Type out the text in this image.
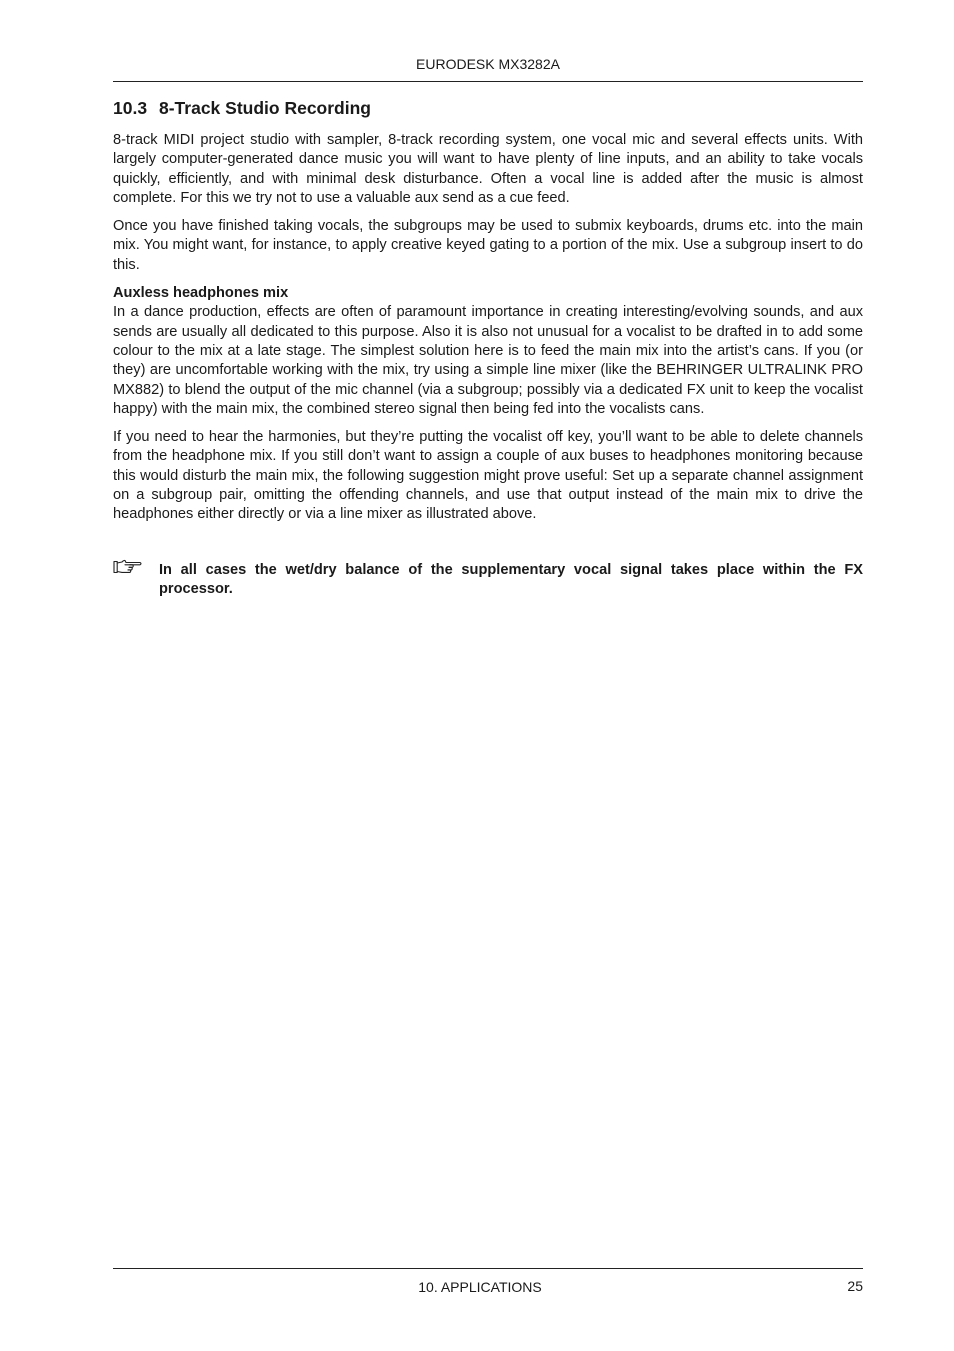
EURODESK MX3282A
10.3 8-Track Studio Recording

8-track MIDI project studio with sampler, 8-track recording system, one vocal mic and several effects units. With largely computer-generated dance music you will want to have plenty of line inputs, and an ability to take vocals quickly, efficiently, and with minimal desk disturbance. Often a vocal line is added after the music is almost complete. For this we try not to use a valuable aux send as a cue feed.

Once you have finished taking vocals, the subgroups may be used to submix keyboards, drums etc. into the main mix. You might want, for instance, to apply creative keyed gating to a portion of the mix. Use a subgroup insert to do this.

Auxless headphones mix

In a dance production, effects are often of paramount importance in creating interesting/evolving sounds, and aux sends are usually all dedicated to this purpose. Also it is also not unusual for a vocalist to be drafted in to add some colour to the mix at a late stage. The simplest solution here is to feed the main mix into the artist’s cans. If you (or they) are uncomfortable working with the mix, try using a simple line mixer (like the BEHRINGER ULTRALINK PRO MX882) to blend the output of the mic channel (via a subgroup; possibly via a dedicated FX unit to keep the vocalist happy) with the main mix, the combined stereo signal then being fed into the vocalists cans.

If you need to hear the harmonies, but they’re putting the vocalist off key, you’ll want to be able to delete channels from the headphone mix. If you still don’t want to assign a couple of aux buses to headphones monitoring because this would disturb the main mix, the following suggestion might prove useful: Set up a separate channel assignment on a subgroup pair, omitting the offending channels, and use that output instead of the main mix to drive the headphones either directly or via a line mixer as illustrated above.

In all cases the wet/dry balance of the supplementary vocal signal takes place within the FX processor.
10. APPLICATIONS	25
